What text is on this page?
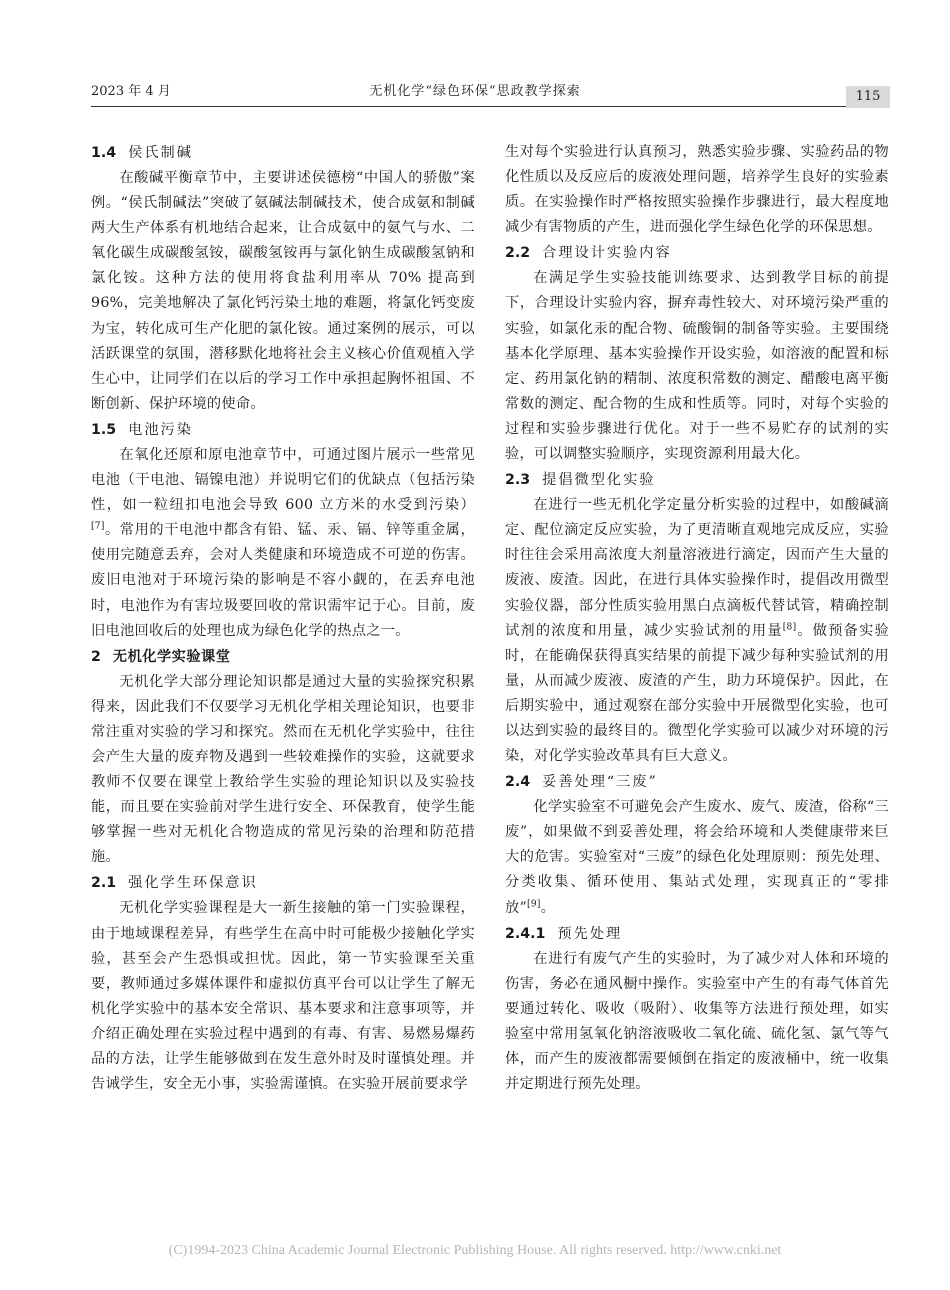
2023 年 4 月	无机化学“绿色环保”思政教学探索	115
1.4 侯氏制碱

在酸碱平衡章节中，主要讲述侯德榜“中国人的骄傲”案例。“侯氏制碱法”突破了氨碱法制碱技术，使合成氨和制碱两大生产体系有机地结合起来，让合成氨中的氨气与水、二氧化碳生成碳酸氢铵，碳酸氢铵再与氯化钠生成碳酸氢钠和氯化铵。这种方法的使用将食盐利用率从 70% 提高到 96%，完美地解决了氯化钙污染土地的难题，将氯化钙变废为宝，转化成可生产化肥的氯化铵。通过案例的展示，可以活跃课堂的氛围，潜移默化地将社会主义核心价值观植入学生心中，让同学们在以后的学习工作中承担起胸怀祖国、不断创新、保护环境的使命。

1.5 电池污染

在氧化还原和原电池章节中，可通过图片展示一些常见电池（干电池、镉镍电池）并说明它们的优缺点（包括污染性，如一粒纽扣电池会导致 600 立方米的水受到污染）[7]。常用的干电池中都含有铅、锰、汞、镉、锌等重金属，使用完随意丢弃，会对人类健康和环境造成不可逆的伤害。废旧电池对于环境污染的影响是不容小觑的，在丢弃电池时，电池作为有害垃圾要回收的常识需牢记于心。目前，废旧电池回收后的处理也成为绿色化学的热点之一。

2 无机化学实验课堂

无机化学大部分理论知识都是通过大量的实验探究积累得来，因此我们不仅要学习无机化学相关理论知识，也要非常注重对实验的学习和探究。然而在无机化学实验中，往往会产生大量的废弃物及遇到一些较难操作的实验，这就要求教师不仅要在课堂上教给学生实验的理论知识以及实验技能，而且要在实验前对学生进行安全、环保教育，使学生能够掌握一些对无机化合物造成的常见污染的治理和防范措施。

2.1 强化学生环保意识

无机化学实验课程是大一新生接触的第一门实验课程，由于地域课程差异，有些学生在高中时可能极少接触化学实验，甚至会产生恐惧或担忧。因此，第一节实验课至关重要，教师通过多媒体课件和虚拟仿真平台可以让学生了解无机化学实验中的基本安全常识、基本要求和注意事项等，并介绍正确处理在实验过程中遇到的有毒、有害、易燃易爆药品的方法，让学生能够做到在发生意外时及时谨慎处理。并告诫学生，安全无小事，实验需谨慎。在实验开展前要求学

生对每个实验进行认真预习，熟悉实验步骤、实验药品的物化性质以及反应后的废液处理问题，培养学生良好的实验素质。在实验操作时严格按照实验操作步骤进行，最大程度地减少有害物质的产生，进而强化学生绿色化学的环保思想。

2.2 合理设计实验内容

在满足学生实验技能训练要求、达到教学目标的前提下，合理设计实验内容，摒弃毒性较大、对环境污染严重的实验，如氯化汞的配合物、硫酸铜的制备等实验。主要围绕基本化学原理、基本实验操作开设实验，如溶液的配置和标定、药用氯化钠的精制、浓度积常数的测定、醋酸电离平衡常数的测定、配合物的生成和性质等。同时，对每个实验的过程和实验步骤进行优化。对于一些不易贮存的试剂的实验，可以调整实验顺序，实现资源利用最大化。

2.3 提倡微型化实验

在进行一些无机化学定量分析实验的过程中，如酸碱滴定、配位滴定反应实验，为了更清晰直观地完成反应，实验时往往会采用高浓度大剂量溶液进行滴定，因而产生大量的废液、废渣。因此，在进行具体实验操作时，提倡改用微型实验仪器，部分性质实验用黑白点滴板代替试管，精确控制试剂的浓度和用量，减少实验试剂的用量[8]。做预备实验时，在能确保获得真实结果的前提下减少每种实验试剂的用量，从而减少废液、废渣的产生，助力环境保护。因此，在后期实验中，通过观察在部分实验中开展微型化实验，也可以达到实验的最终目的。微型化学实验可以减少对环境的污染，对化学实验改革具有巨大意义。

2.4 妥善处理“三废”

化学实验室不可避免会产生废水、废气、废渣，俗称“三废”，如果做不到妥善处理，将会给环境和人类健康带来巨大的危害。实验室对“三废”的绿色化处理原则：预先处理、分类收集、循环使用、集站式处理，实现真正的“零排放”[9]。

2.4.1 预先处理

在进行有废气产生的实验时，为了减少对人体和环境的伤害，务必在通风橱中操作。实验室中产生的有毒气体首先要通过转化、吸收（吸附）、收集等方法进行预处理，如实验室中常用氢氧化钠溶液吸收二氧化硫、硫化氢、氯气等气体，而产生的废液都需要倾倒在指定的废液桶中，统一收集并定期进行预先处理。

(C)1994-2023 China Academic Journal Electronic Publishing House. All rights reserved. http://www.cnki.net
